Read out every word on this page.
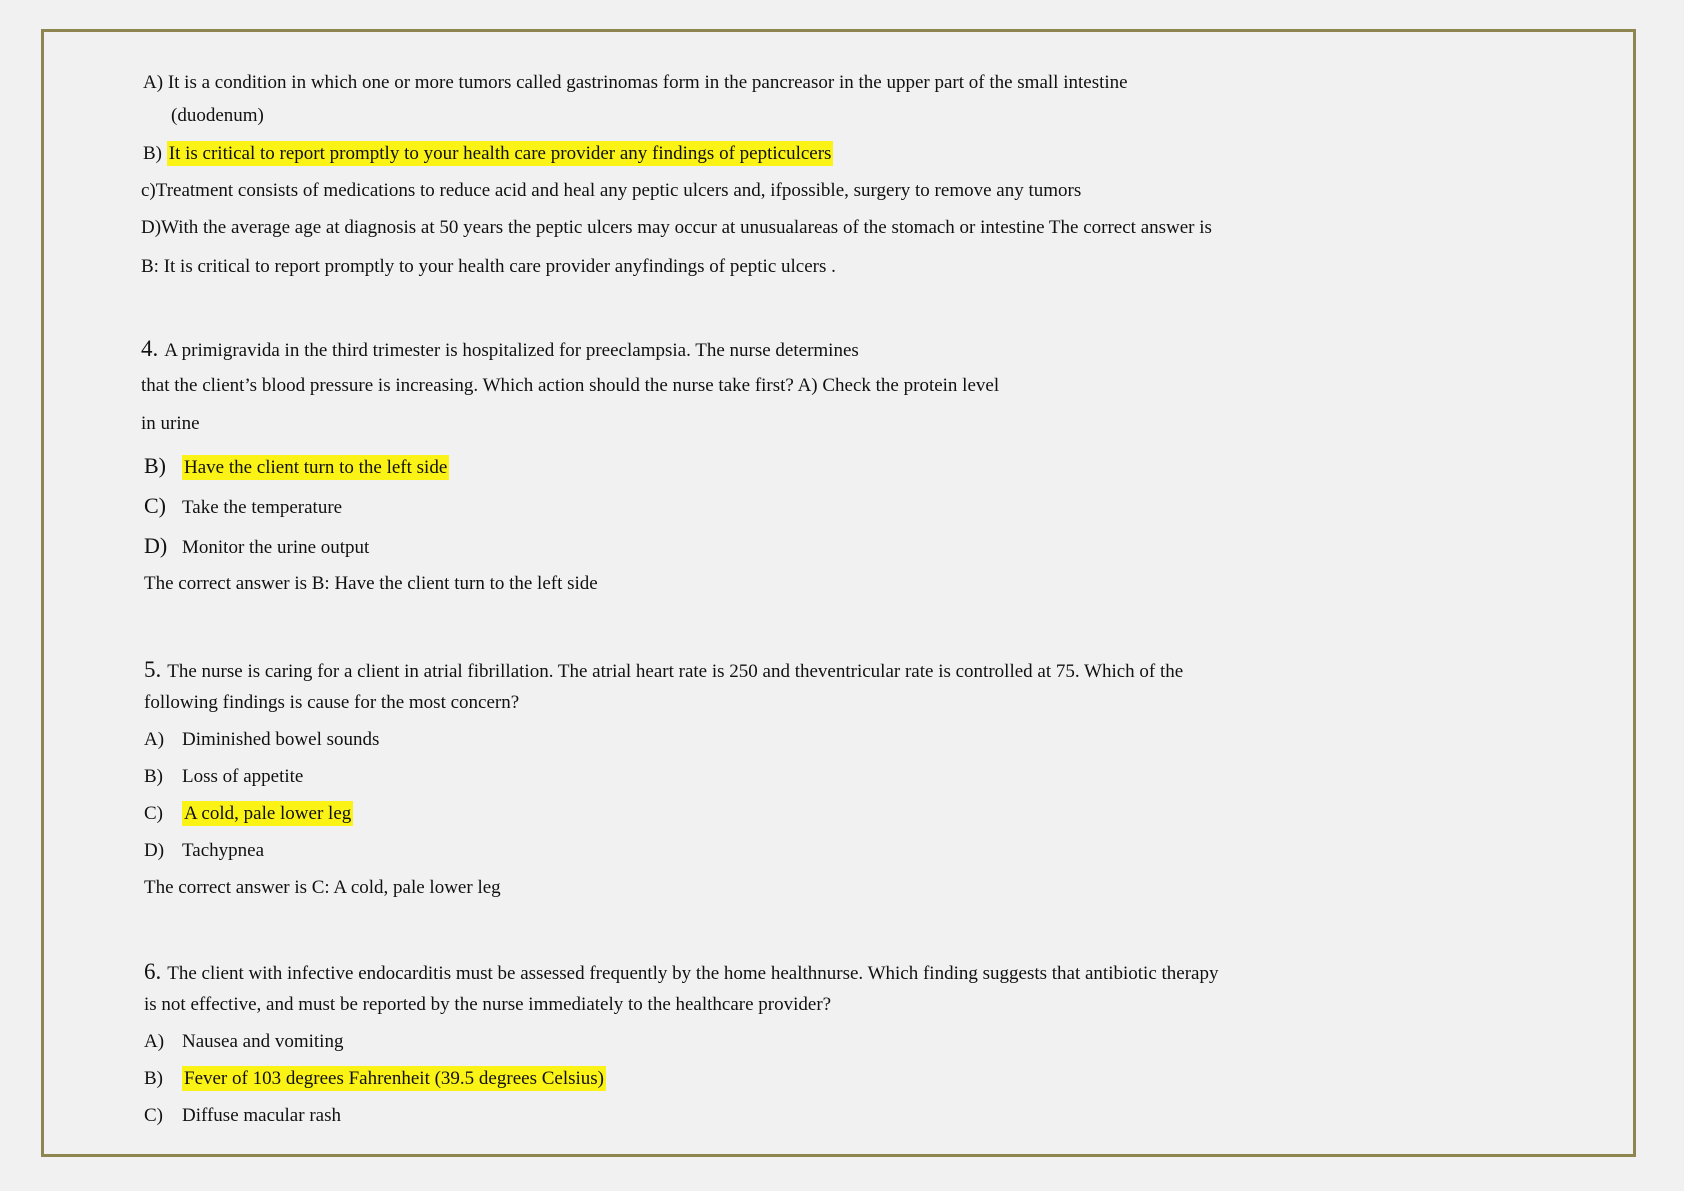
A) It is a condition in which one or more tumors called gastrinomas form in the pancreasor in the upper part of the small intestine
(duodenum)
B) It is critical to report promptly to your health care provider any findings of pepticulcers
c)Treatment consists of medications to reduce acid and heal any peptic ulcers and, ifpossible, surgery to remove any tumors
D)With the average age at diagnosis at 50 years the peptic ulcers may occur at unusualareas of the stomach or intestine The correct answer is
B: It is critical to report promptly to your health care provider anyfindings of peptic ulcers .
4. A primigravida in the third trimester is hospitalized for preeclampsia. The nurse determines
that the client’s blood pressure is increasing. Which action should the nurse take first? A) Check the protein level
in urine
B) Have the client turn to the left side
C) Take the temperature
D) Monitor the urine output
The correct answer is B: Have the client turn to the left side
5. The nurse is caring for a client in atrial fibrillation. The atrial heart rate is 250 and theventricular rate is controlled at 75. Which of the
following findings is cause for the most concern?
A) Diminished bowel sounds
B) Loss of appetite
C) A cold, pale lower leg
D) Tachypnea
The correct answer is C: A cold, pale lower leg
6. The client with infective endocarditis must be assessed frequently by the home healthnurse. Which finding suggests that antibiotic therapy
is not effective, and must be reported by the nurse immediately to the healthcare provider?
A) Nausea and vomiting
B) Fever of 103 degrees Fahrenheit (39.5 degrees Celsius)
C) Diffuse macular rash
